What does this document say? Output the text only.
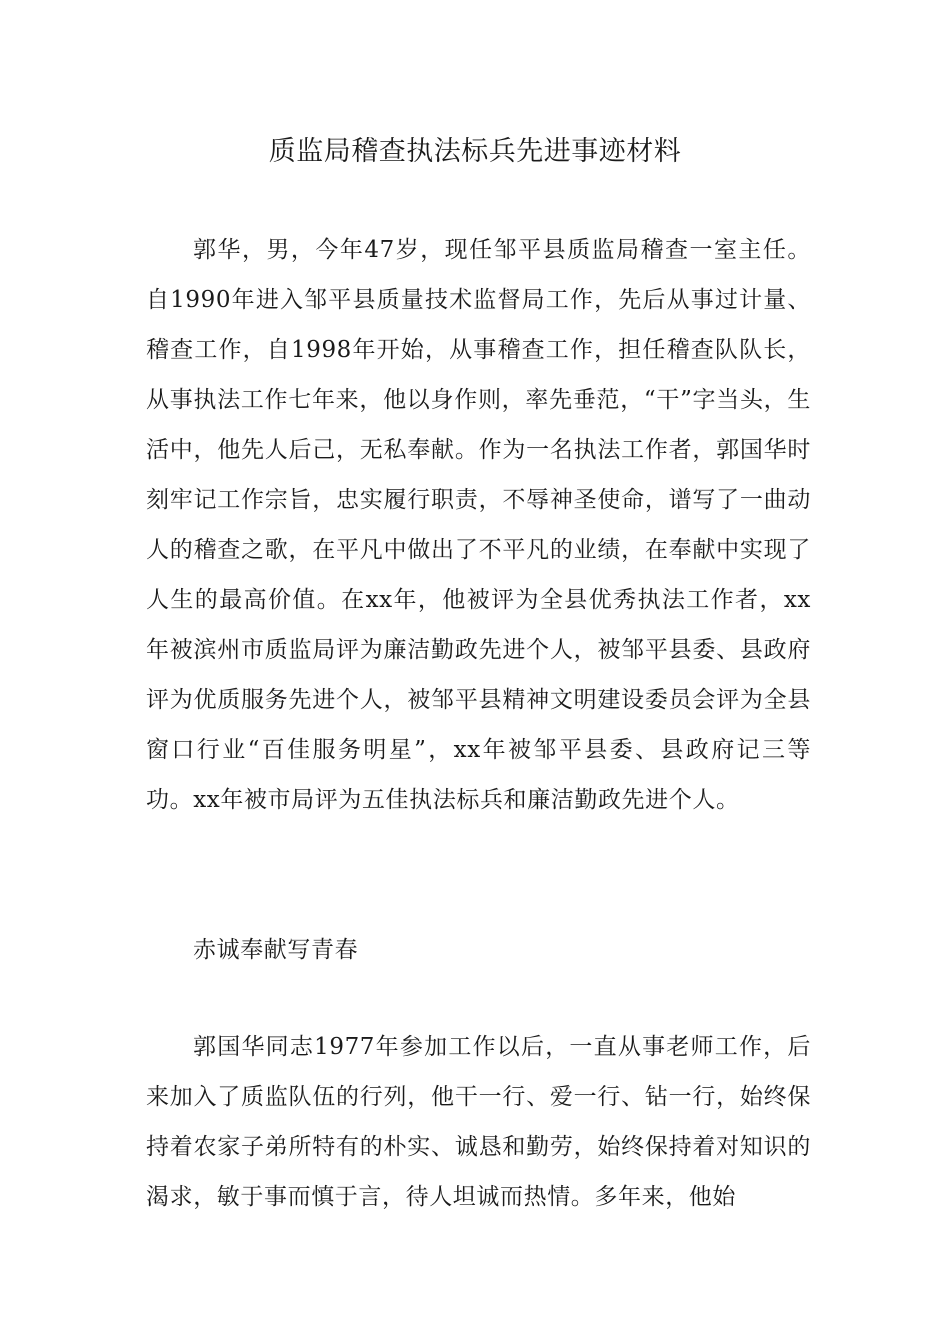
质监局稽查执法标兵先进事迹材料

郭华，男，今年47岁，现任邹平县质监局稽查一室主任。自1990年进入邹平县质量技术监督局工作，先后从事过计量、稽查工作，自1998年开始，从事稽查工作，担任稽查队队长，从事执法工作七年来，他以身作则，率先垂范，“干”字当头，生活中，他先人后己，无私奉献。作为一名执法工作者，郭国华时刻牢记工作宗旨，忠实履行职责，不辱神圣使命，谱写了一曲动人的稽查之歌，在平凡中做出了不平凡的业绩，在奉献中实现了人生的最高价值。在xx年，他被评为全县优秀执法工作者，xx年被滨州市质监局评为廉洁勤政先进个人，被邹平县委、县政府评为优质服务先进个人，被邹平县精神文明建设委员会评为全县窗口行业“百佳服务明星”，xx年被邹平县委、县政府记三等功。xx年被市局评为五佳执法标兵和廉洁勤政先进个人。

赤诚奉献写青春

郭国华同志1977年参加工作以后，一直从事老师工作，后来加入了质监队伍的行列，他干一行、爱一行、钻一行，始终保持着农家子弟所特有的朴实、诚恳和勤劳，始终保持着对知识的渴求，敏于事而慎于言，待人坦诚而热情。多年来，他始
